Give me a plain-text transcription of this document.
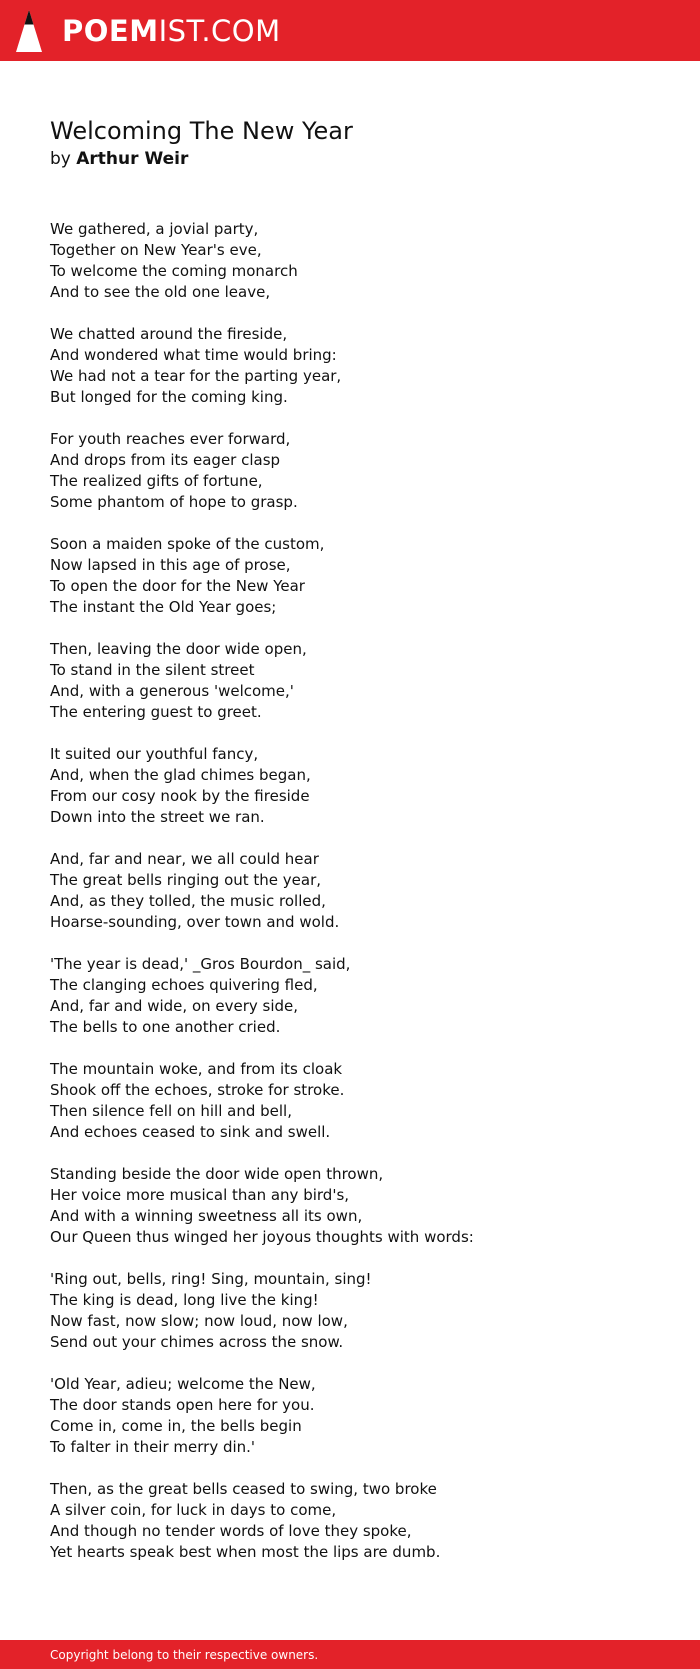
POEMIST.COM
Welcoming The New Year
by Arthur Weir
We gathered, a jovial party,
Together on New Year's eve,
To welcome the coming monarch
And to see the old one leave,
We chatted around the fireside,
And wondered what time would bring:
We had not a tear for the parting year,
But longed for the coming king.
For youth reaches ever forward,
And drops from its eager clasp
The realized gifts of fortune,
Some phantom of hope to grasp.
Soon a maiden spoke of the custom,
Now lapsed in this age of prose,
To open the door for the New Year
The instant the Old Year goes;
Then, leaving the door wide open,
To stand in the silent street
And, with a generous 'welcome,'
The entering guest to greet.
It suited our youthful fancy,
And, when the glad chimes began,
From our cosy nook by the fireside
Down into the street we ran.
And, far and near, we all could hear
The great bells ringing out the year,
And, as they tolled, the music rolled,
Hoarse-sounding, over town and wold.
'The year is dead,' _Gros Bourdon_ said,
The clanging echoes quivering fled,
And, far and wide, on every side,
The bells to one another cried.
The mountain woke, and from its cloak
Shook off the echoes, stroke for stroke.
Then silence fell on hill and bell,
And echoes ceased to sink and swell.
Standing beside the door wide open thrown,
Her voice more musical than any bird's,
And with a winning sweetness all its own,
Our Queen thus winged her joyous thoughts with words:
'Ring out, bells, ring! Sing, mountain, sing!
The king is dead, long live the king!
Now fast, now slow; now loud, now low,
Send out your chimes across the snow.
'Old Year, adieu; welcome the New,
The door stands open here for you.
Come in, come in, the bells begin
To falter in their merry din.'
Then, as the great bells ceased to swing, two broke
A silver coin, for luck in days to come,
And though no tender words of love they spoke,
Yet hearts speak best when most the lips are dumb.
Copyright belong to their respective owners.
